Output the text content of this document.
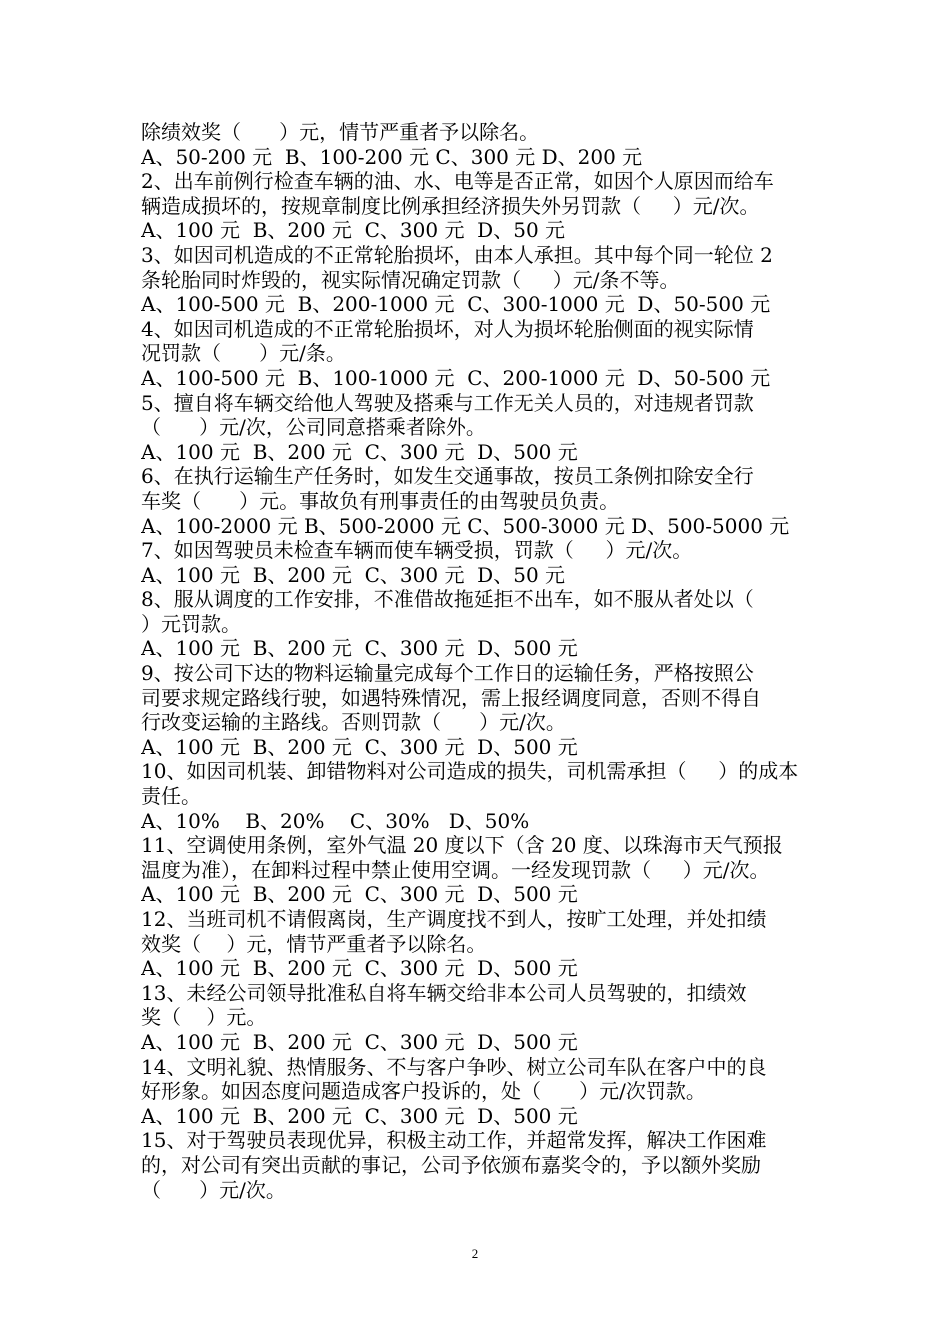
除绩效奖（      ）元，情节严重者予以除名。
A、50-200 元  B、100-200 元 C、300 元 D、200 元
2、出车前例行检查车辆的油、水、电等是否正常，如因个人原因而给车
辆造成损坏的，按规章制度比例承担经济损失外另罚款（     ）元/次。
A、100 元  B、200 元  C、300 元  D、50 元
3、如因司机造成的不正常轮胎损坏，由本人承担。其中每个同一轮位 2
条轮胎同时炸毁的，视实际情况确定罚款（     ）元/条不等。
A、100-500 元  B、200-1000 元  C、300-1000 元  D、50-500 元
4、如因司机造成的不正常轮胎损坏，对人为损坏轮胎侧面的视实际情
况罚款（      ）元/条。
A、100-500 元  B、100-1000 元  C、200-1000 元  D、50-500 元
5、擅自将车辆交给他人驾驶及搭乘与工作无关人员的，对违规者罚款
（      ）元/次，公司同意搭乘者除外。
A、100 元  B、200 元  C、300 元  D、500 元
6、在执行运输生产任务时，如发生交通事故，按员工条例扣除安全行
车奖（      ）元。事故负有刑事责任的由驾驶员负责。
A、100-2000 元 B、500-2000 元 C、500-3000 元 D、500-5000 元
7、如因驾驶员未检查车辆而使车辆受损，罚款（     ）元/次。
A、100 元  B、200 元  C、300 元  D、50 元
8、服从调度的工作安排，不准借故拖延拒不出车，如不服从者处以（
）元罚款。
A、100 元  B、200 元  C、300 元  D、500 元
9、按公司下达的物料运输量完成每个工作日的运输任务，严格按照公
司要求规定路线行驶，如遇特殊情况，需上报经调度同意，否则不得自
行改变运输的主路线。否则罚款（      ）元/次。
A、100 元  B、200 元  C、300 元  D、500 元
10、如因司机装、卸错物料对公司造成的损失，司机需承担（     ）的成本
责任。
A、10%    B、20%    C、30%   D、50%
11、空调使用条例，室外气温 20 度以下（含 20 度、以珠海市天气预报
温度为准），在卸料过程中禁止使用空调。一经发现罚款（     ）元/次。
A、100 元  B、200 元  C、300 元  D、500 元
12、当班司机不请假离岗，生产调度找不到人，按旷工处理，并处扣绩
效奖（    ）元，情节严重者予以除名。
A、100 元  B、200 元  C、300 元  D、500 元
13、未经公司领导批准私自将车辆交给非本公司人员驾驶的，扣绩效
奖（    ）元。
A、100 元  B、200 元  C、300 元  D、500 元
14、文明礼貌、热情服务、不与客户争吵、树立公司车队在客户中的良
好形象。如因态度问题造成客户投诉的，处（      ）元/次罚款。
A、100 元  B、200 元  C、300 元  D、500 元
15、对于驾驶员表现优异，积极主动工作，并超常发挥，解决工作困难
的，对公司有突出贡献的事记，公司予依颁布嘉奖令的，予以额外奖励
（      ）元/次。
2
